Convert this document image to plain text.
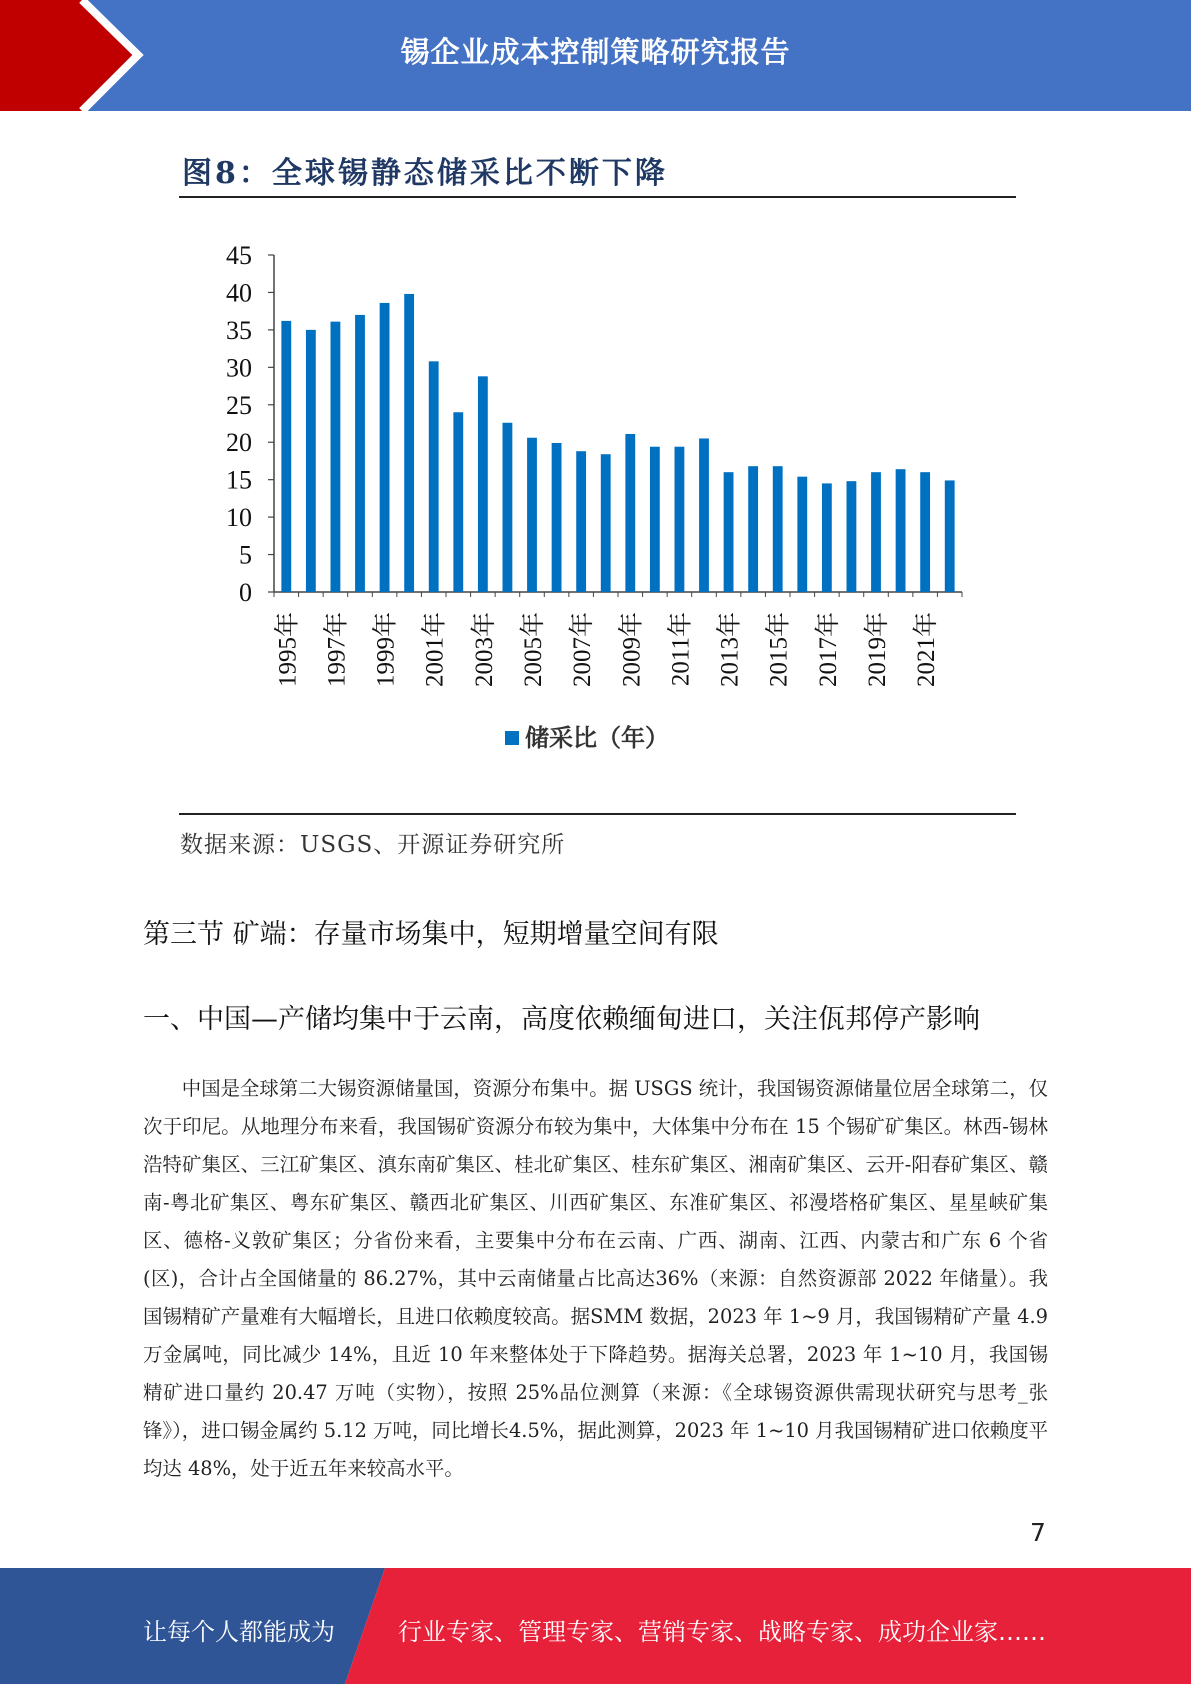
锡企业成本控制策略研究报告
图8：全球锡静态储采比不断下降
0
5
10
15
20
25
30
35
40
45
1995年 1997年 1999年 2001年 2003年 2005年 2007年 2009年 2011年 2013年 2015年 2017年 2019年 2021年
储采比（年）
数据来源：USGS、开源证券研究所
第三节 矿端：存量市场集中，短期增量空间有限
一、中国—产储均集中于云南，高度依赖缅甸进口，关注佤邦停产影响
中国是全球第二大锡资源储量国，资源分布集中。据 USGS 统计，我国锡资源储量位居全球第二，仅次于印尼。从地理分布来看，我国锡矿资源分布较为集中，大体集中分布在 15 个锡矿矿集区。林西-锡林浩特矿集区、三江矿集区、滇东南矿集区、桂北矿集区、桂东矿集区、湘南矿集区、云开-阳春矿集区、赣南-粤北矿集区、粤东矿集区、赣西北矿集区、川西矿集区、东准矿集区、祁漫塔格矿集区、星星峡矿集区、德格-义敦矿集区；分省份来看，主要集中分布在云南、广西、湖南、江西、内蒙古和广东 6 个省(区)，合计占全国储量的 86.27%，其中云南储量占比高达36%（来源：自然资源部 2022 年储量）。我国锡精矿产量难有大幅增长，且进口依赖度较高。据SMM 数据，2023 年 1~9 月，我国锡精矿产量 4.9 万金属吨，同比减少 14%，且近 10 年来整体处于下降趋势。据海关总署，2023 年 1~10 月，我国锡精矿进口量约 20.47 万吨（实物），按照 25%品位测算（来源：《全球锡资源供需现状研究与思考_张锋》），进口锡金属约 5.12 万吨，同比增长4.5%，据此测算，2023 年 1~10 月我国锡精矿进口依赖度平均达 48%，处于近五年来较高水平。
7
让每个人都能成为	行业专家、管理专家、营销专家、战略专家、成功企业家……
